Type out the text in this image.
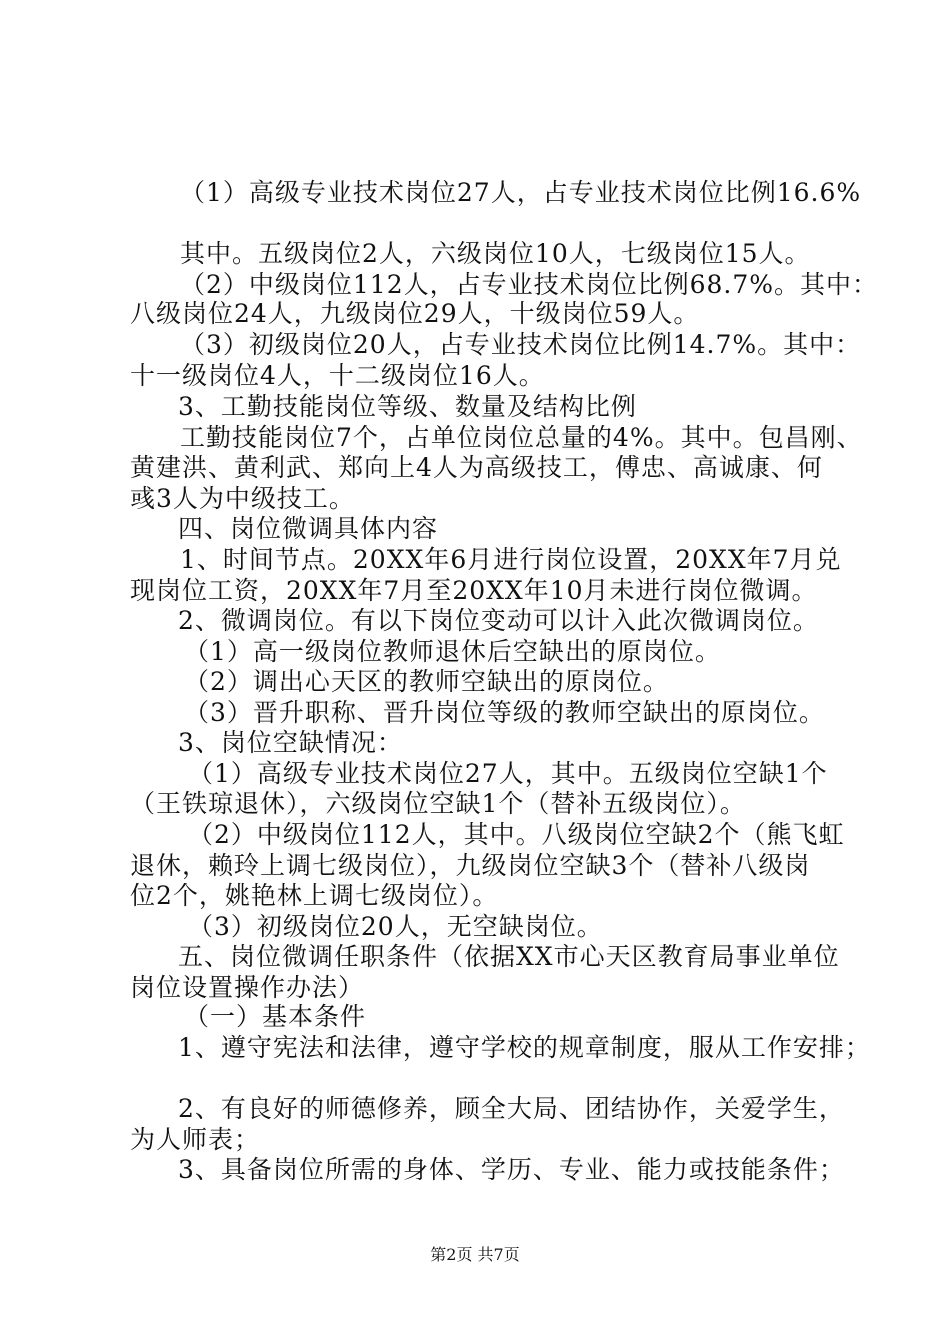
（1）高级专业技术岗位27人，占专业技术岗位比例16.6%
其中。五级岗位2人，六级岗位10人，七级岗位15人。
（2）中级岗位112人，占专业技术岗位比例68.7%。其中：
八级岗位24人，九级岗位29人，十级岗位59人。
（3）初级岗位20人，占专业技术岗位比例14.7%。其中：
十一级岗位4人，十二级岗位16人。
3、工勤技能岗位等级、数量及结构比例
工勤技能岗位7个，占单位岗位总量的4%。其中。包昌刚、
黄建洪、黄利武、郑向上4人为高级技工，傅忠、高诚康、何
彧3人为中级技工。
四、岗位微调具体内容
1、时间节点。20XX年6月进行岗位设置，20XX年7月兑
现岗位工资，20XX年7月至20XX年10月未进行岗位微调。
2、微调岗位。有以下岗位变动可以计入此次微调岗位。
（1）高一级岗位教师退休后空缺出的原岗位。
（2）调出心天区的教师空缺出的原岗位。
（3）晋升职称、晋升岗位等级的教师空缺出的原岗位。
3、岗位空缺情况：
（1）高级专业技术岗位27人，其中。五级岗位空缺1个
（王铁琼退休），六级岗位空缺1个（替补五级岗位）。
（2）中级岗位112人，其中。八级岗位空缺2个（熊飞虹
退休，赖玲上调七级岗位），九级岗位空缺3个（替补八级岗
位2个，姚艳林上调七级岗位）。
（3）初级岗位20人，无空缺岗位。
五、岗位微调任职条件（依据XX市心天区教育局事业单位
岗位设置操作办法）
（一）基本条件
1、遵守宪法和法律，遵守学校的规章制度，服从工作安排；
2、有良好的师德修养，顾全大局、团结协作，关爱学生，
为人师表；
3、具备岗位所需的身体、学历、专业、能力或技能条件；
第2页 共7页
